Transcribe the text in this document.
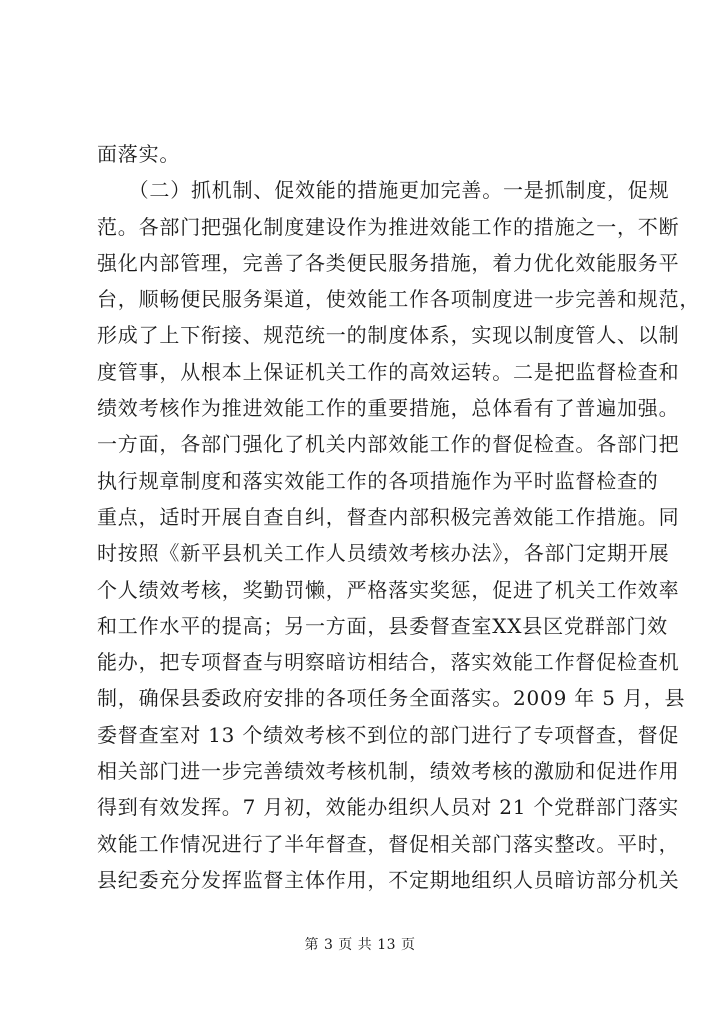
面落实。
　　（二）抓机制、促效能的措施更加完善。一是抓制度，促规
范。各部门把强化制度建设作为推进效能工作的措施之一，不断
强化内部管理，完善了各类便民服务措施，着力优化效能服务平
台，顺畅便民服务渠道，使效能工作各项制度进一步完善和规范，
形成了上下衔接、规范统一的制度体系，实现以制度管人、以制
度管事，从根本上保证机关工作的高效运转。二是把监督检查和
绩效考核作为推进效能工作的重要措施，总体看有了普遍加强。
一方面，各部门强化了机关内部效能工作的督促检查。各部门把
执行规章制度和落实效能工作的各项措施作为平时监督检查的
重点，适时开展自查自纠，督查内部积极完善效能工作措施。同
时按照《新平县机关工作人员绩效考核办法》，各部门定期开展
个人绩效考核，奖勤罚懒，严格落实奖惩，促进了机关工作效率
和工作水平的提高；另一方面，县委督查室XX县区党群部门效
能办，把专项督查与明察暗访相结合，落实效能工作督促检查机
制，确保县委政府安排的各项任务全面落实。2009 年 5 月，县
委督查室对 13 个绩效考核不到位的部门进行了专项督查，督促
相关部门进一步完善绩效考核机制，绩效考核的激励和促进作用
得到有效发挥。7 月初，效能办组织人员对 21 个党群部门落实
效能工作情况进行了半年督查，督促相关部门落实整改。平时，
县纪委充分发挥监督主体作用，不定期地组织人员暗访部分机关
第 3 页 共 13 页
